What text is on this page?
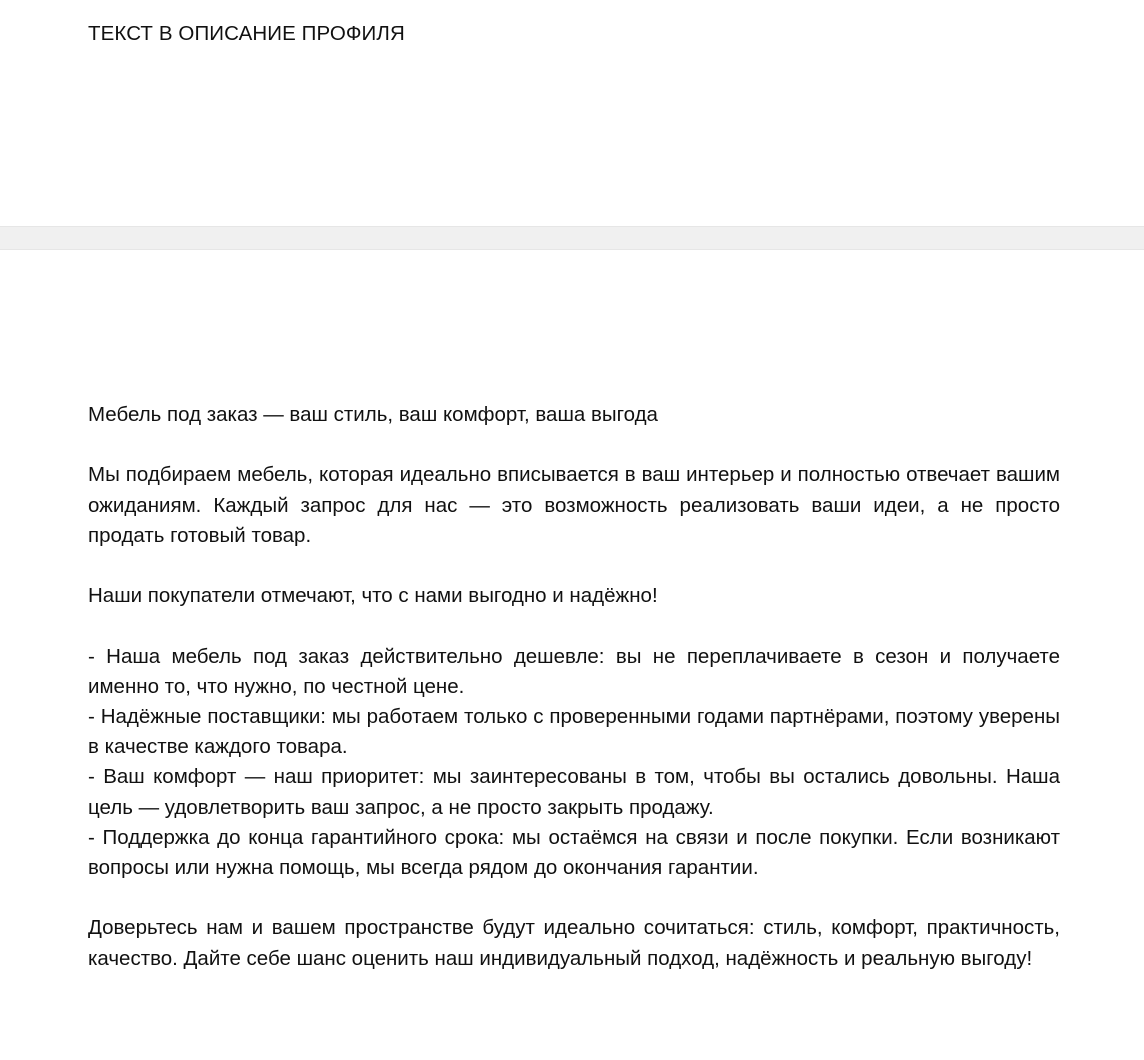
ТЕКСТ В ОПИСАНИЕ ПРОФИЛЯ

Мебель под заказ — ваш стиль, ваш комфорт, ваша выгода

Мы подбираем мебель, которая идеально вписывается в ваш интерьер и полностью отвечает вашим ожиданиям. Каждый запрос для нас — это возможность реализовать ваши идеи, а не просто продать готовый товар.

Наши покупатели отмечают, что с нами выгодно и надёжно!

- Наша мебель под заказ действительно дешевле: вы не переплачиваете в сезон и получаете именно то, что нужно, по честной цене.

- Надёжные поставщики: мы работаем только с проверенными годами партнёрами, поэтому уверены в качестве каждого товара.

- Ваш комфорт — наш приоритет: мы заинтересованы в том, чтобы вы остались довольны. Наша цель — удовлетворить ваш запрос, а не просто закрыть продажу.

- Поддержка до конца гарантийного срока: мы остаёмся на связи и после покупки. Если возникают вопросы или нужна помощь, мы всегда рядом до окончания гарантии.

Доверьтесь нам и вашем пространстве будут идеально сочитаться: стиль, комфорт, практичность, качество. Дайте себе шанс оценить наш индивидуальный подход, надёжность и реальную выгоду!
